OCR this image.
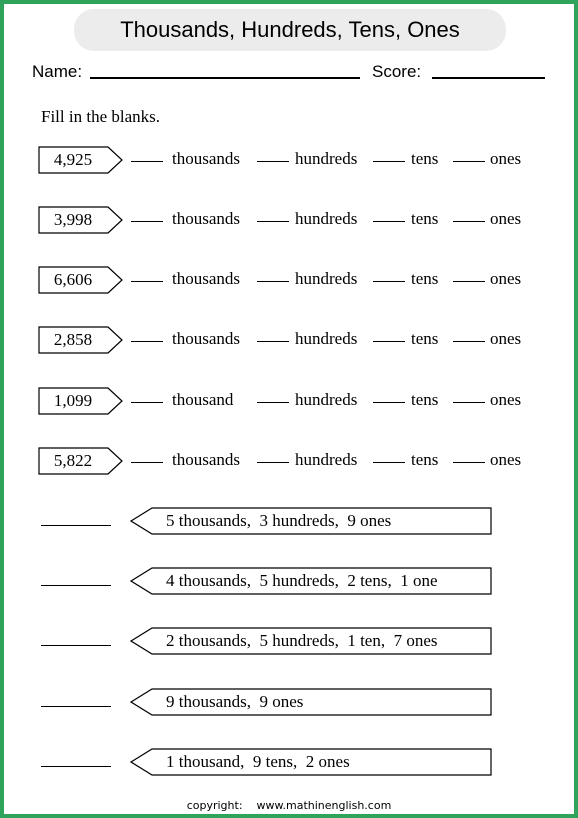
Thousands, Hundreds, Tens, Ones
Name:	Score:
Fill in the blanks.
4,925	thousands	hundreds	tens	ones
3,998	thousands	hundreds	tens	ones
6,606	thousands	hundreds	tens	ones
2,858	thousands	hundreds	tens	ones
1,099	thousand	hundreds	tens	ones
5,822	thousands	hundreds	tens	ones
5 thousands,  3 hundreds,  9 ones
4 thousands,  5 hundreds,  2 tens,  1 one
2 thousands,  5 hundreds,  1 ten,  7 ones
9 thousands,  9 ones
1 thousand,  9 tens,  2 ones
copyright:    www.mathinenglish.com
